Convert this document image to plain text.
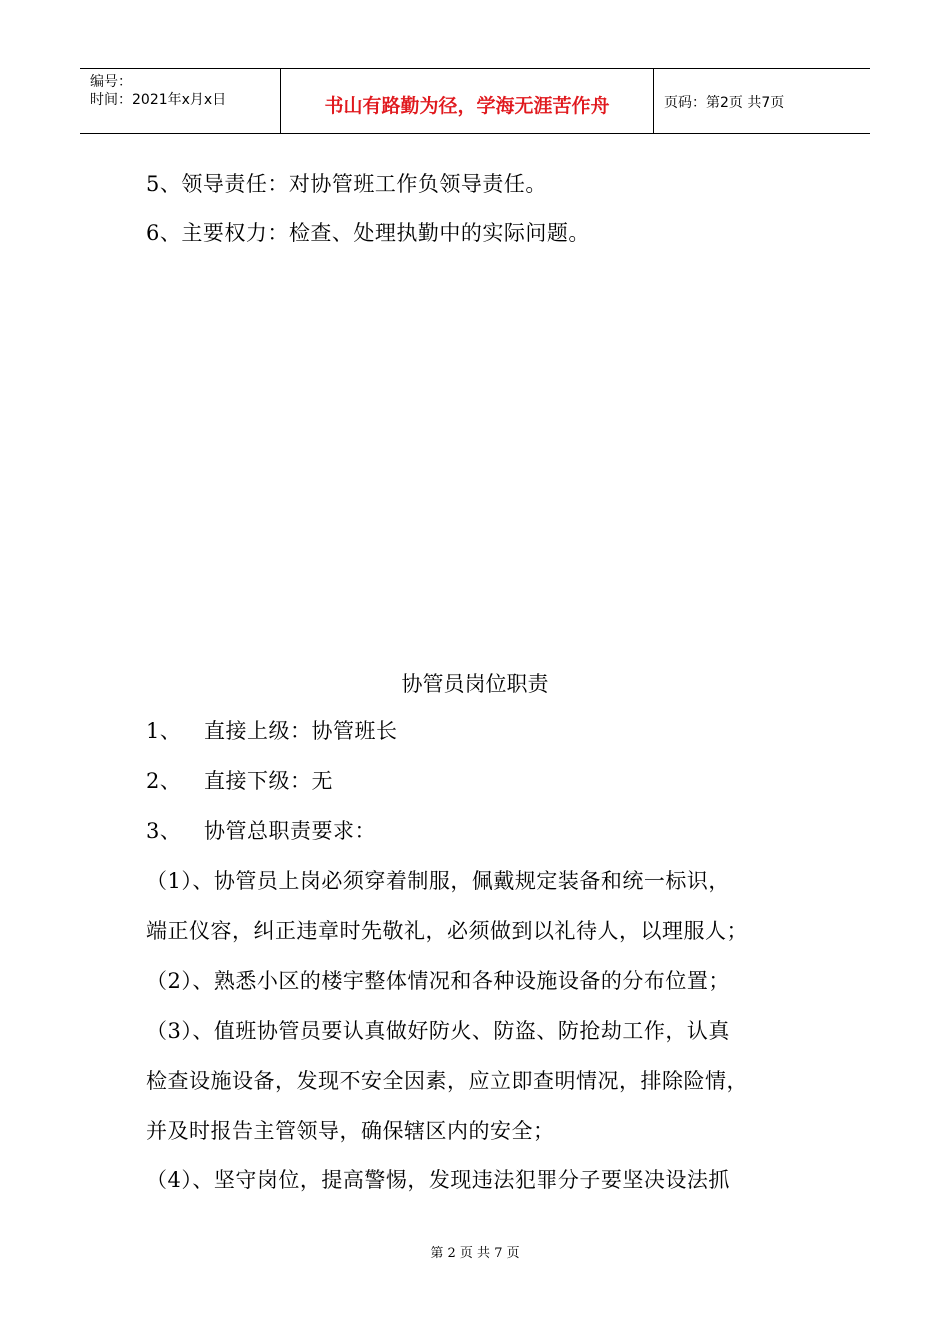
编号：
时间：2021年x月x日	书山有路勤为径，学海无涯苦作舟	页码：第2页 共7页
5、领导责任：对协管班工作负领导责任。
6、主要权力：检查、处理执勤中的实际问题。
协管员岗位职责
1、 直接上级：协管班长
2、 直接下级：无
3、 协管总职责要求：
（1）、协管员上岗必须穿着制服，佩戴规定装备和统一标识，
端正仪容，纠正违章时先敬礼，必须做到以礼待人，以理服人；
（2）、熟悉小区的楼宇整体情况和各种设施设备的分布位置；
（3）、值班协管员要认真做好防火、防盗、防抢劫工作，认真
检查设施设备，发现不安全因素，应立即查明情况，排除险情，
并及时报告主管领导，确保辖区内的安全；
（4）、坚守岗位，提高警惕，发现违法犯罪分子要坚决设法抓
第 2 页 共 7 页
